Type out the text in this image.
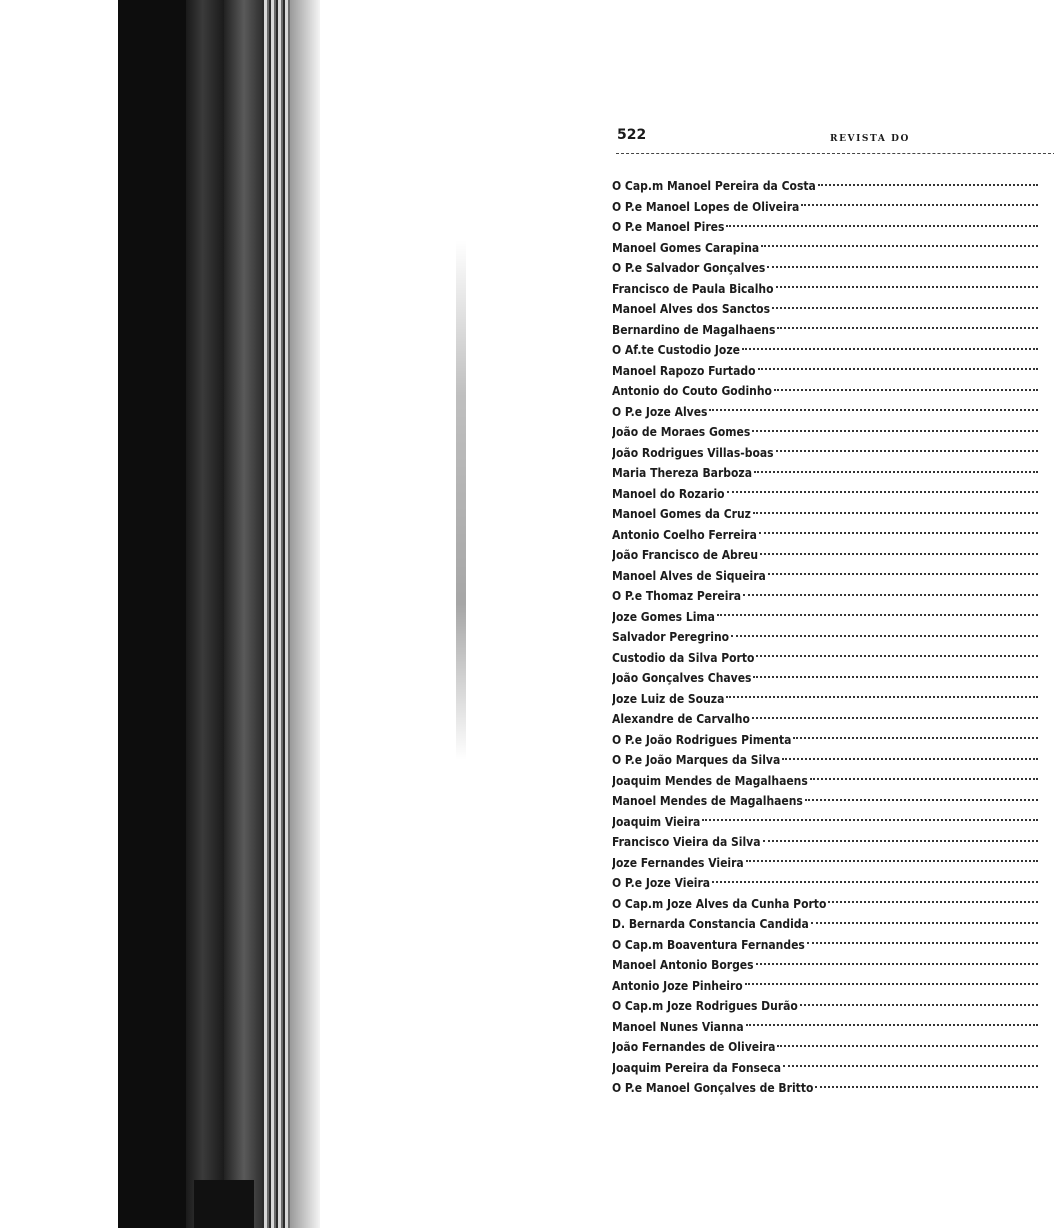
522	REVISTA DO
O Cap.m Manoel Pereira da Costa
O P.e Manoel Lopes de Oliveira
O P.e Manoel Pires
Manoel Gomes Carapina
O P.e Salvador Gonçalves
Francisco de Paula Bicalho
Manoel Alves dos Sanctos
Bernardino de Magalhaens
O Af.te Custodio Joze
Manoel Rapozo Furtado
Antonio do Couto Godinho
O P.e Joze Alves
João de Moraes Gomes
João Rodrigues Villas-boas
Maria Thereza Barboza
Manoel do Rozario
Manoel Gomes da Cruz
Antonio Coelho Ferreira
João Francisco de Abreu
Manoel Alves de Siqueira
O P.e Thomaz Pereira
Joze Gomes Lima
Salvador Peregrino
Custodio da Silva Porto
João Gonçalves Chaves
Joze Luiz de Souza
Alexandre de Carvalho
O P.e João Rodrigues Pimenta
O P.e João Marques da Silva
Joaquim Mendes de Magalhaens
Manoel Mendes de Magalhaens
Joaquim Vieira
Francisco Vieira da Silva
Joze Fernandes Vieira
O P.e Joze Vieira
O Cap.m Joze Alves da Cunha Porto
D. Bernarda Constancia Candida
O Cap.m Boaventura Fernandes
Manoel Antonio Borges
Antonio Joze Pinheiro
O Cap.m Joze Rodrigues Durão
Manoel Nunes Vianna
João Fernandes de Oliveira
Joaquim Pereira da Fonseca
O P.e Manoel Gonçalves de Britto
